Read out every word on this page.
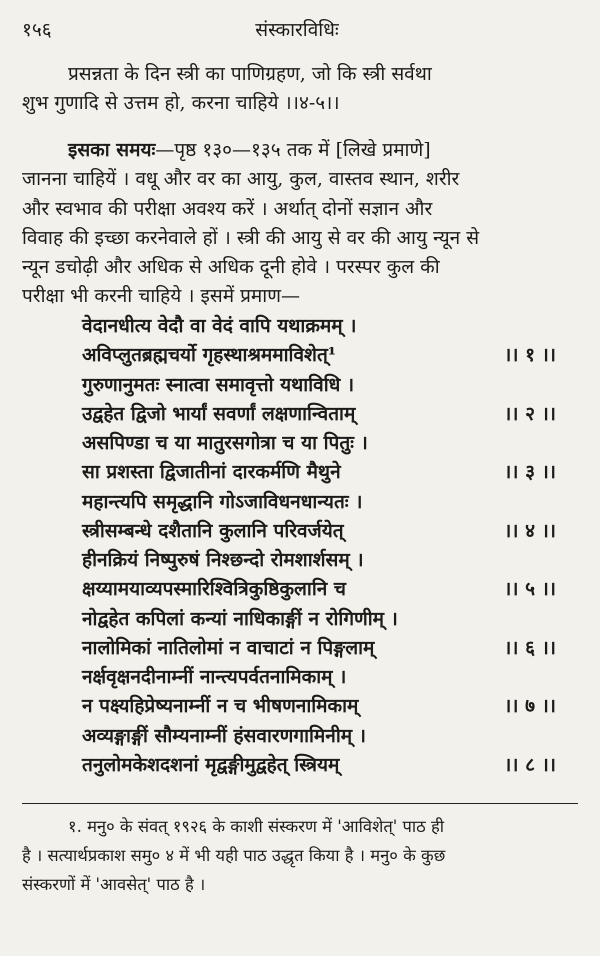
१५६	संस्कारविधिः
प्रसन्नता के दिन स्त्री का पाणिग्रहण, जो कि स्त्री सर्वथा
शुभ गुणादि से उत्तम हो, करना चाहिये ।।४-५।।
इसका समयः—पृष्ठ १३०—१३५ तक में [लिखे प्रमाणे]
जानना चाहियें । वधू और वर का आयु, कुल, वास्तव स्थान, शरीर
और स्वभाव की परीक्षा अवश्य करें । अर्थात् दोनों सज्ञान और
विवाह की इच्छा करनेवाले हों । स्त्री की आयु से वर की आयु न्यून से
न्यून डचोढ़ी और अधिक से अधिक दूनी होवे । परस्पर कुल की
परीक्षा भी करनी चाहिये । इसमें प्रमाण—
वेदानधीत्य वेदौ वा वेदं वापि यथाक्रमम् ।
अविप्लुतब्रह्मचर्यो गृहस्थाश्रममाविशेत्¹	।। १ ।।
गुरुणानुमतः स्नात्वा समावृत्तो यथाविधि ।
उद्वहेत द्विजो भार्यां सवर्णां लक्षणान्विताम्	।। २ ।।
असपिण्डा च या मातुरसगोत्रा च या पितुः ।
सा प्रशस्ता द्विजातीनां दारकर्मणि मैथुने	।। ३ ।।
महान्त्यपि समृद्धानि गोऽजाविधनधान्यतः ।
स्त्रीसम्बन्धे दशैतानि कुलानि परिवर्जयेत्	।। ४ ।।
हीनक्रियं निष्पुरुषं निश्छन्दो रोमशार्शसम् ।
क्षय्यामयाव्यपस्मारिश्वित्रिकुष्ठिकुलानि च	।। ५ ।।
नोद्वहेत कपिलां कन्यां नाधिकाङ्गीं न रोगिणीम् ।
नालोमिकां नातिलोमां न वाचाटां न पिङ्गलाम्	।। ६ ।।
नर्क्षवृक्षनदीनाम्नीं नान्त्यपर्वतनामिकाम् ।
न पक्ष्यहिप्रेष्यनाम्नीं न च भीषणनामिकाम्	।। ७ ।।
अव्यङ्गाङ्गीं सौम्यनाम्नीं हंसवारणगामिनीम् ।
तनुलोमकेशदशनां मृद्वङ्गीमुद्वहेत् स्त्रियम्	।। ८ ।।
१. मनु० के संवत् १९२६ के काशी संस्करण में 'आविशेत्' पाठ ही
है । सत्यार्थप्रकाश समु० ४ में भी यही पाठ उद्धृत किया है । मनु० के कुछ
संस्करणों में 'आवसेत्' पाठ है ।
